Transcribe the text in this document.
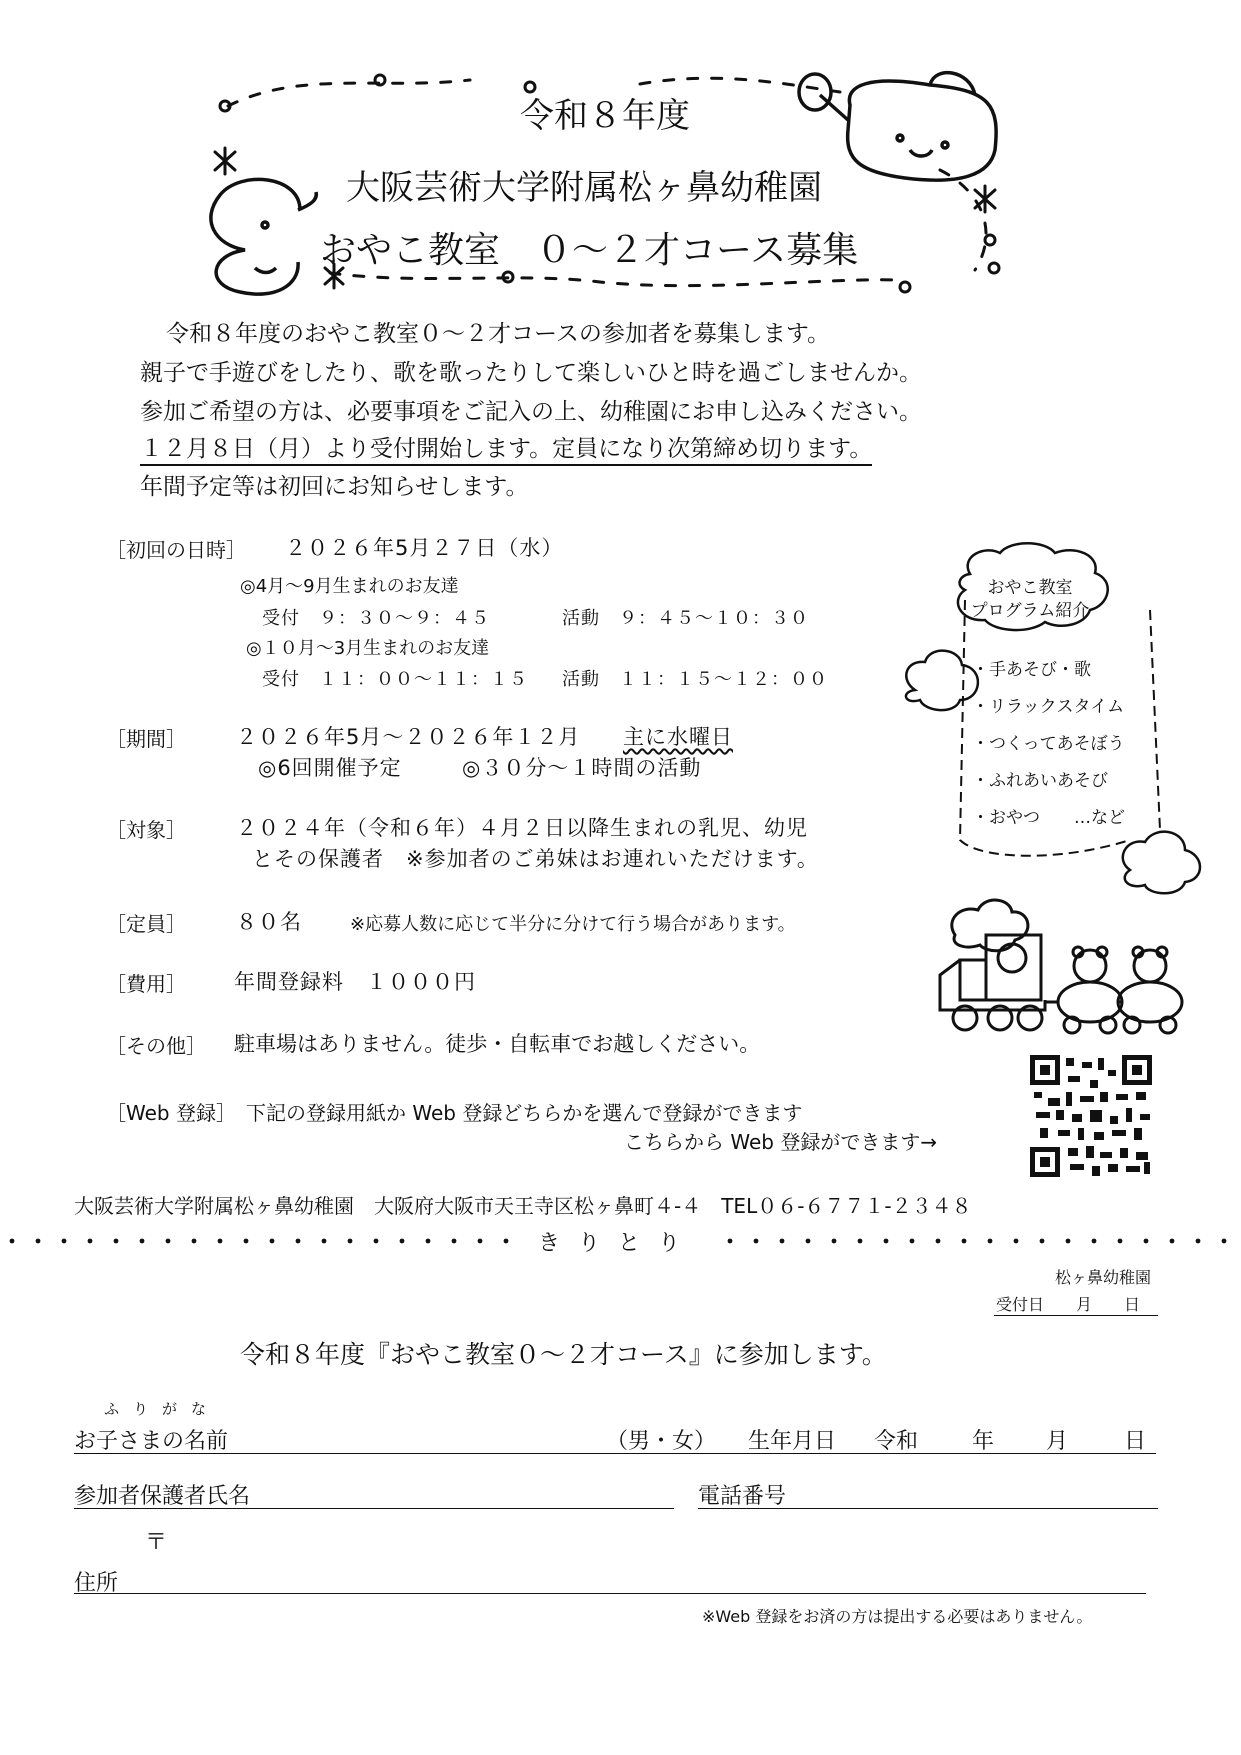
令和８年度
大阪芸術大学附属松ヶ鼻幼稚園
おやこ教室　０～２才コース募集
令和８年度のおやこ教室０～２才コースの参加者を募集します。
親子で手遊びをしたり、歌を歌ったりして楽しいひと時を過ごしませんか。
参加ご希望の方は、必要事項をご記入の上、幼稚園にお申し込みください。
１２月８日（月）より受付開始します。定員になり次第締め切ります。
年間予定等は初回にお知らせします。
［初回の日時］ ２０２６年5月２７日（水）
◎4月～9月生まれのお友達
受付　９：３０～９：４５	活動　９：４５～１０：３０
◎１０月～3月生まれのお友達
受付　１１：００～１１：１５ 活動　１１：１５～１２：００
［期間］ ２０２６年5月～２０２６年１２月 主に水曜日
◎6回開催予定	◎３０分～１時間の活動
［対象］ ２０２４年（令和６年）４月２日以降生まれの乳児、幼児
とその保護者　※参加者のご弟妹はお連れいただけます。
［定員］ ８０名	※応募人数に応じて半分に分けて行う場合があります。
［費用］ 年間登録料　１０００円
［その他］ 駐車場はありません。徒歩・自転車でお越しください。
［Web 登録］ 下記の登録用紙か Web 登録どちらかを選んで登録ができます
こちらから Web 登録ができます→
おやこ教室
プログラム紹介
・手あそび・歌
・リラックスタイム
・つくってあそぼう
・ふれあいあそび
・おやつ　　…など
大阪芸術大学附属松ヶ鼻幼稚園　大阪府大阪市天王寺区松ヶ鼻町４-４　TEL０６-６７７１-２３４８
きりとり
松ヶ鼻幼稚園
受付日　　月　　日
令和８年度『おやこ教室０～２才コース』に参加します。
ふりがな
お子さまの名前	（男・女） 生年月日 令和 年 月	日
参加者保護者氏名	電話番号
〒
住所
※Web 登録をお済の方は提出する必要はありません。
